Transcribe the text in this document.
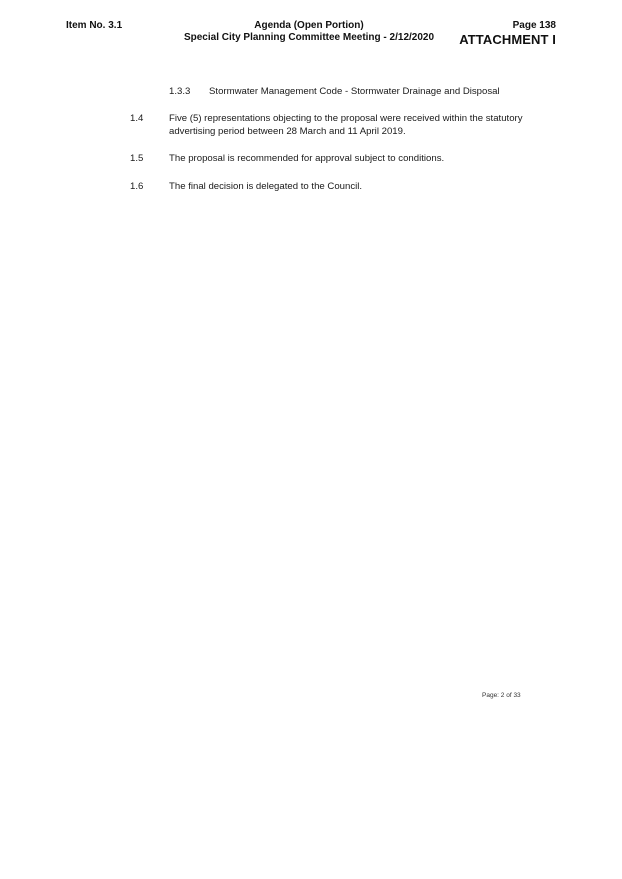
Item No. 3.1	Agenda (Open Portion)
Special City Planning Committee Meeting - 2/12/2020
Page 138
ATTACHMENT I
1.3.3 Stormwater Management Code - Stormwater Drainage and Disposal
1.4	Five (5) representations objecting to the proposal were received within the statutory
advertising period between 28 March and 11 April 2019.
1.5	The proposal is recommended for approval subject to conditions.
1.6	The final decision is delegated to the Council.
Page: 2 of 33
